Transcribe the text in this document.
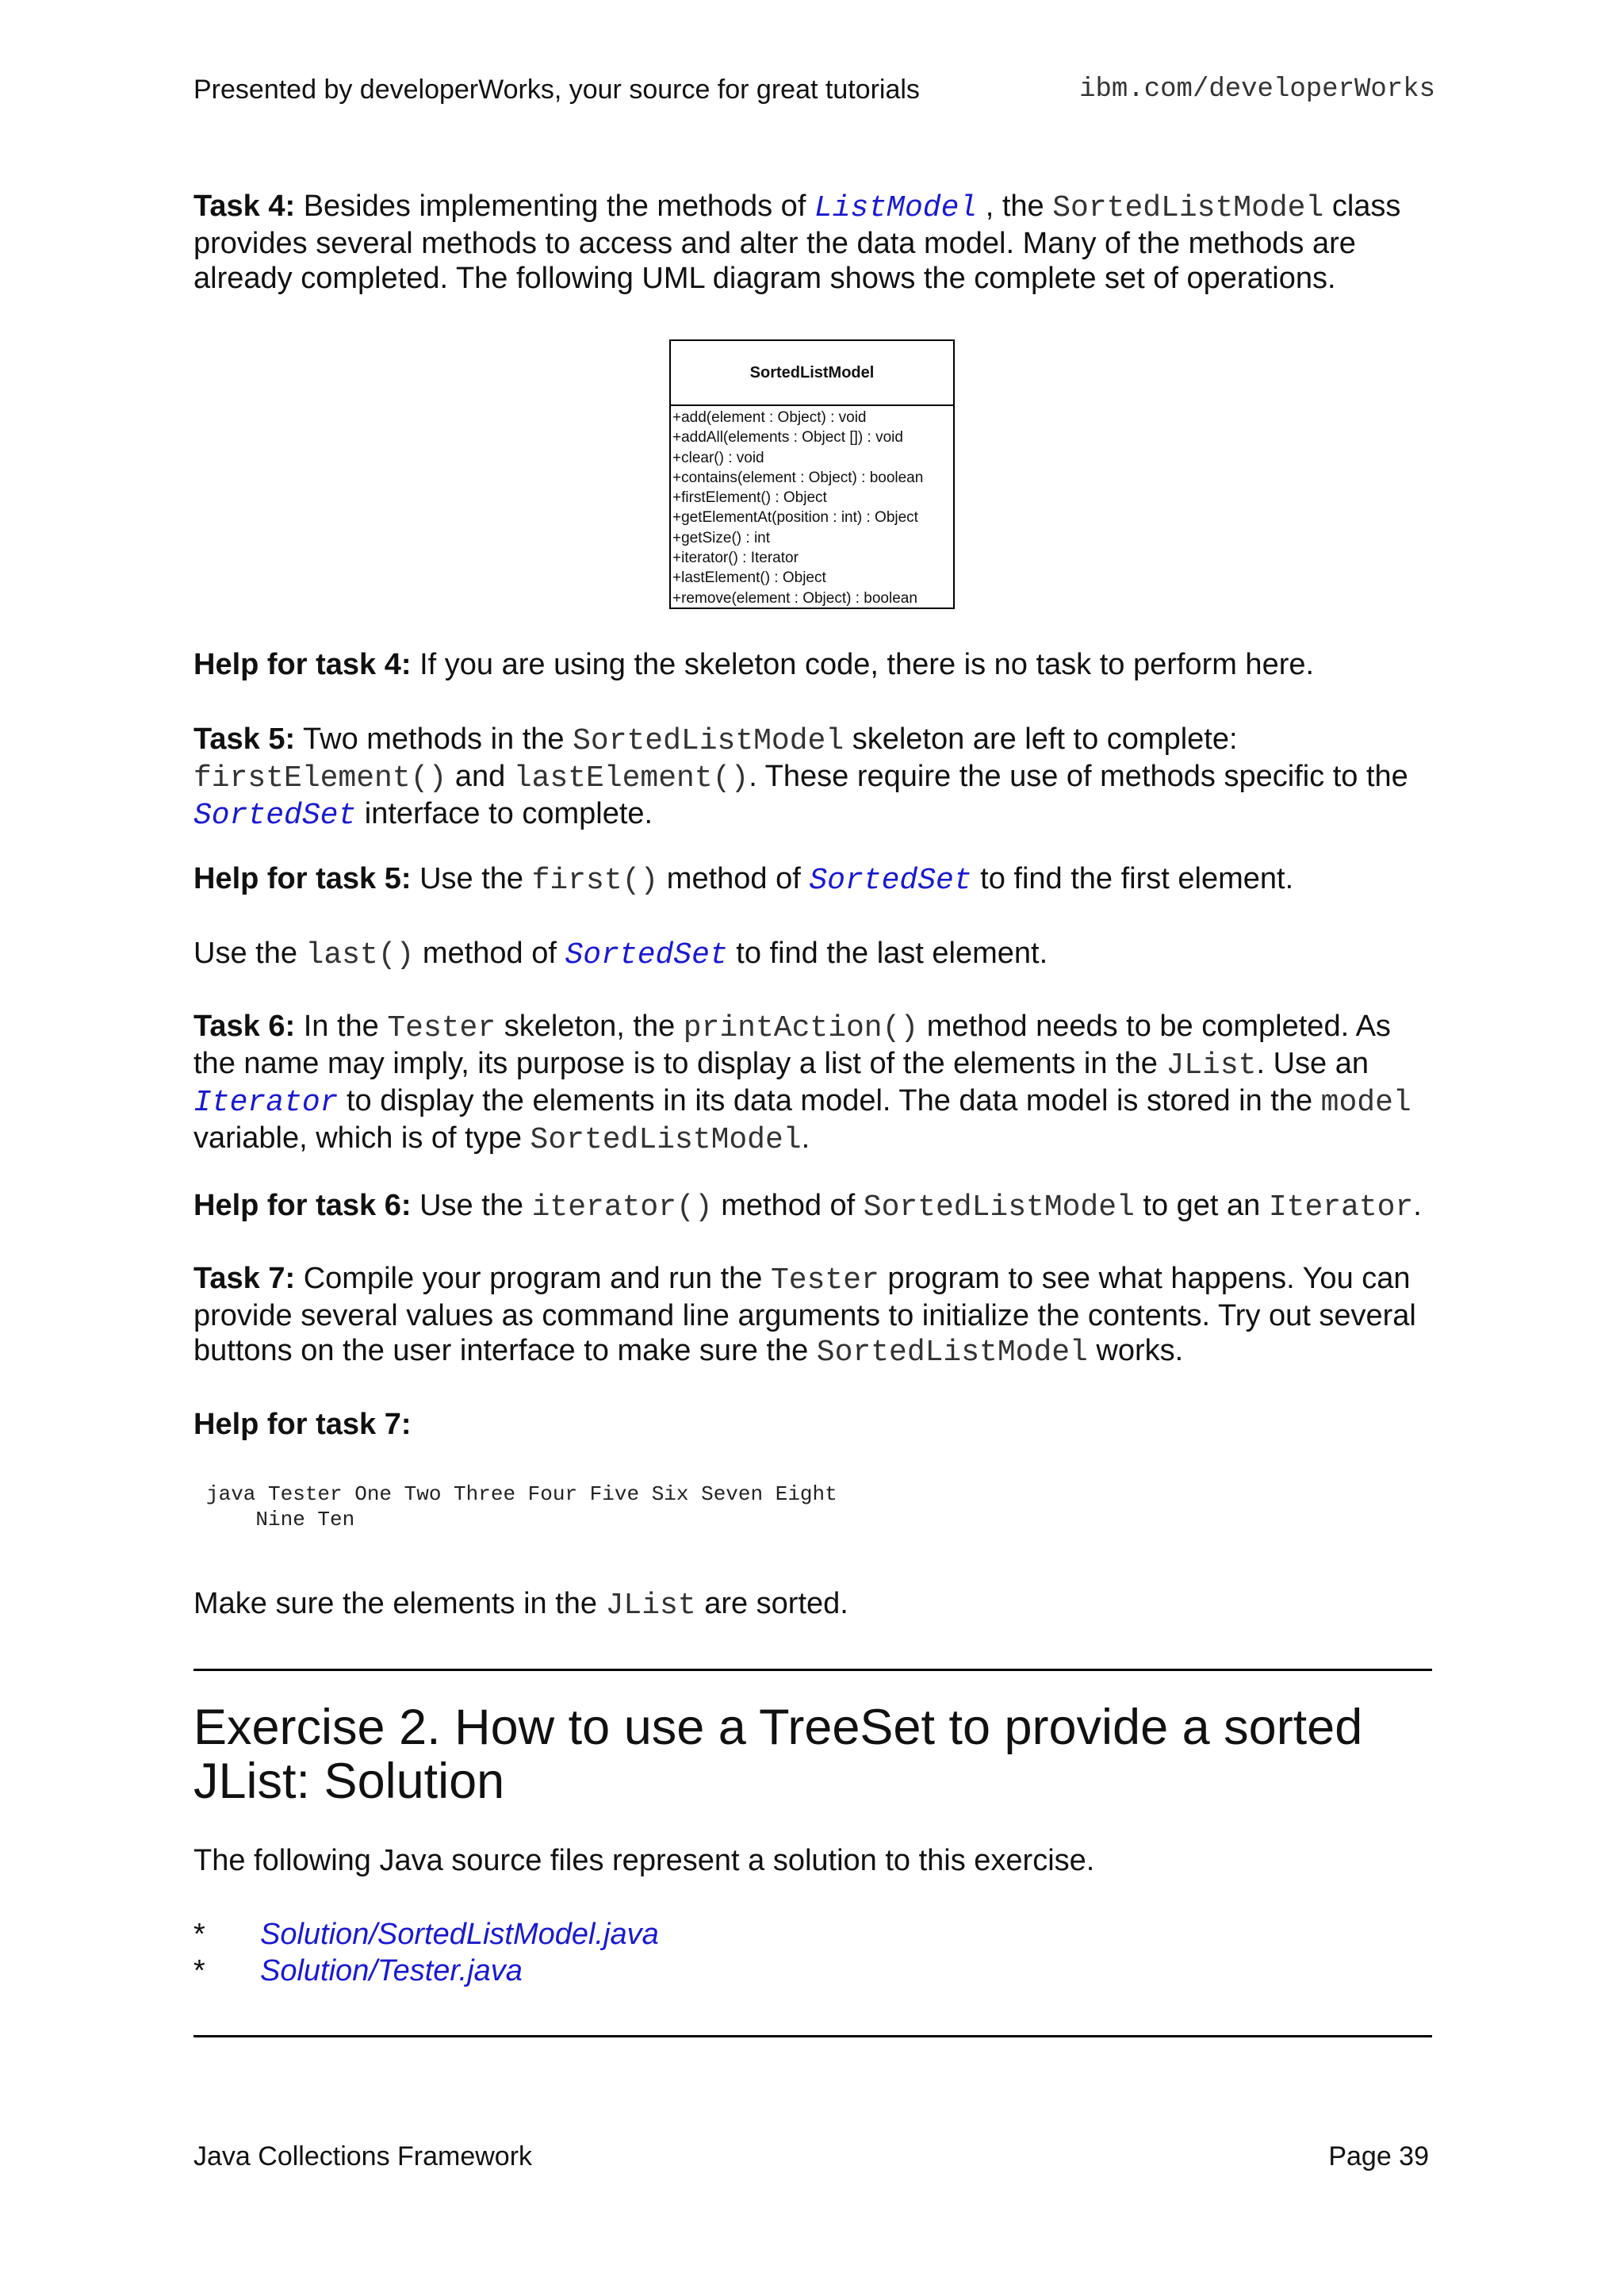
Presented by developerWorks, your source for great tutorials	ibm.com/developerWorks
Task 4: Besides implementing the methods of ListModel , the SortedListModel class provides several methods to access and alter the data model. Many of the methods are already completed. The following UML diagram shows the complete set of operations.
SortedListModel
+add(element : Object) : void
+addAll(elements : Object []) : void
+clear() : void
+contains(element : Object) : boolean
+firstElement() : Object
+getElementAt(position : int) : Object
+getSize() : int
+iterator() : Iterator
+lastElement() : Object
+remove(element : Object) : boolean
Help for task 4: If you are using the skeleton code, there is no task to perform here.
Task 5: Two methods in the SortedListModel skeleton are left to complete: firstElement() and lastElement(). These require the use of methods specific to the SortedSet interface to complete.
Help for task 5: Use the first() method of SortedSet to find the first element.
Use the last() method of SortedSet to find the last element.
Task 6: In the Tester skeleton, the printAction() method needs to be completed. As the name may imply, its purpose is to display a list of the elements in the JList. Use an Iterator to display the elements in its data model. The data model is stored in the model variable, which is of type SortedListModel.
Help for task 6: Use the iterator() method of SortedListModel to get an Iterator.
Task 7: Compile your program and run the Tester program to see what happens. You can provide several values as command line arguments to initialize the contents. Try out several buttons on the user interface to make sure the SortedListModel works.
Help for task 7:
java Tester One Two Three Four Five Six Seven Eight
Nine Ten
Make sure the elements in the JList are sorted.
Exercise 2. How to use a TreeSet to provide a sorted JList: Solution
The following Java source files represent a solution to this exercise.
* Solution/SortedListModel.java
* Solution/Tester.java
Java Collections Framework	Page 39
